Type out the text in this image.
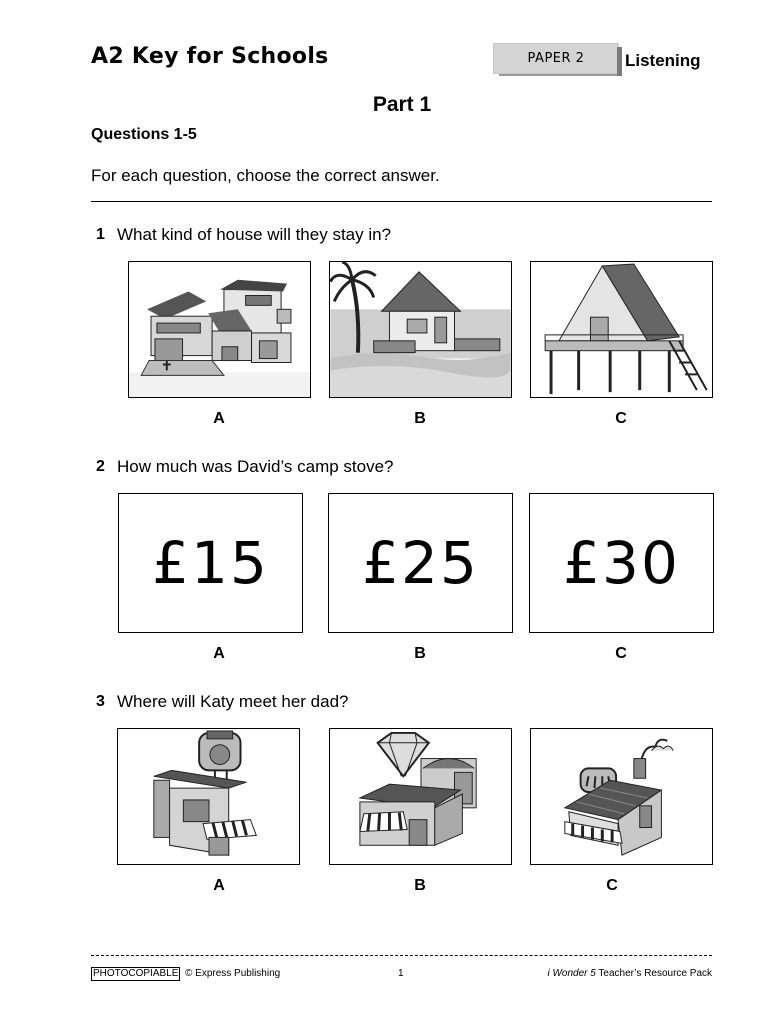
A2 Key for Schools	PAPER 2	Listening
Part 1
Questions 1-5
For each question, choose the correct answer.
1 What kind of house will they stay in?
A	B	C
2 How much was David’s camp stove?
£15	£25	£30
A	B	C
3 Where will Katy meet her dad?
A	B	C
PHOTOCOPIABLE © Express Publishing	1	i Wonder 5 Teacher’s Resource Pack
